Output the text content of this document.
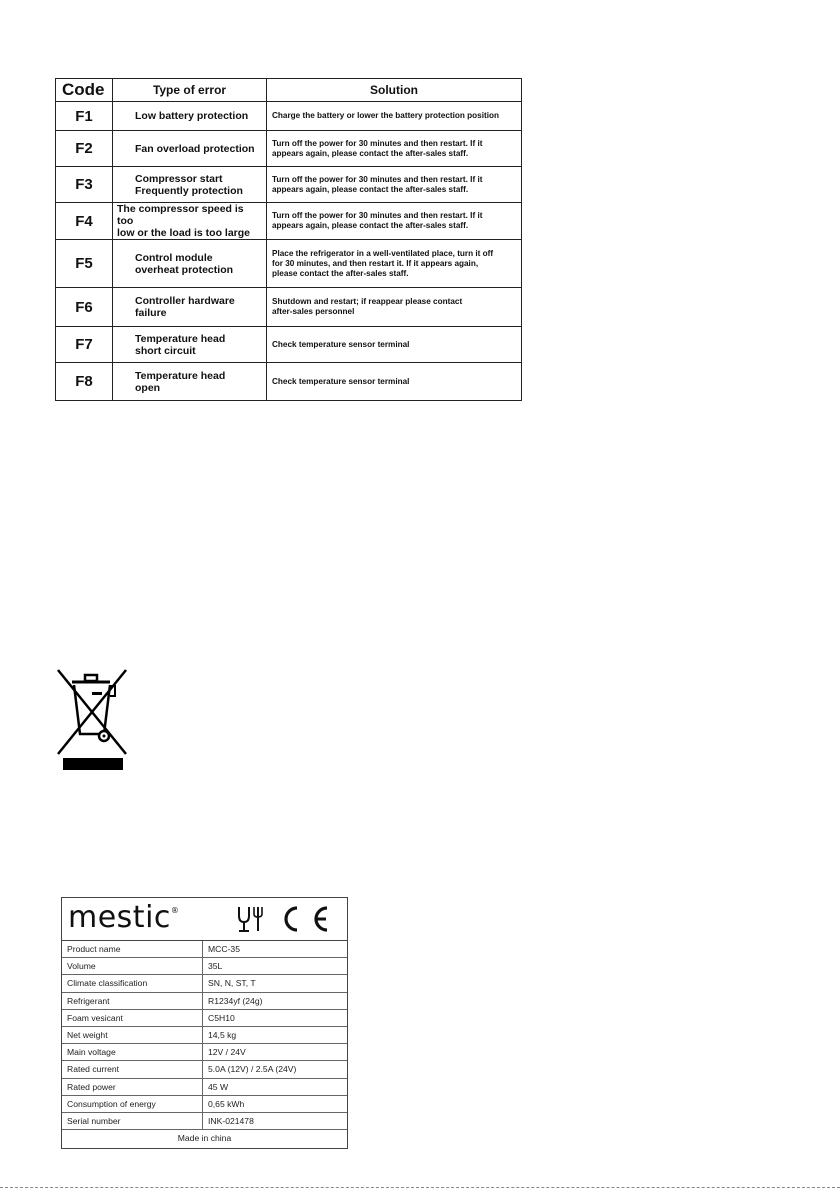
Code	Type of error	Solution
F1	Low battery protection	Charge the battery or lower the battery protection position
F2	Fan overload protection	Turn off the power for 30 minutes and then restart. If it
appears again, please contact the after-sales staff.
F3	Compressor start
Frequently protection	Turn off the power for 30 minutes and then restart. If it
appears again, please contact the after-sales staff.
F4	The compressor speed is too
low or the load is too large	Turn off the power for 30 minutes and then restart. If it
appears again, please contact the after-sales staff.
F5	Control module
overheat protection	Place the refrigerator in a well-ventilated place, turn it off
for 30 minutes, and then restart it. If it appears again,
please contact the after-sales staff.
F6	Controller hardware
failure	Shutdown and restart; if reappear please contact
after-sales personnel
F7	Temperature head
short circuit	Check temperature sensor terminal
F8	Temperature head
open	Check temperature sensor terminal
mestic®
Product name	MCC-35
Volume	35L
Climate classification	SN, N, ST, T
Refrigerant	R1234yf (24g)
Foam vesicant	C5H10
Net weight	14,5 kg
Main voltage	12V / 24V
Rated current	5.0A (12V) / 2.5A (24V)
Rated power	45 W
Consumption of energy	0,65 kWh
Serial number	INK-021478
Made in china
